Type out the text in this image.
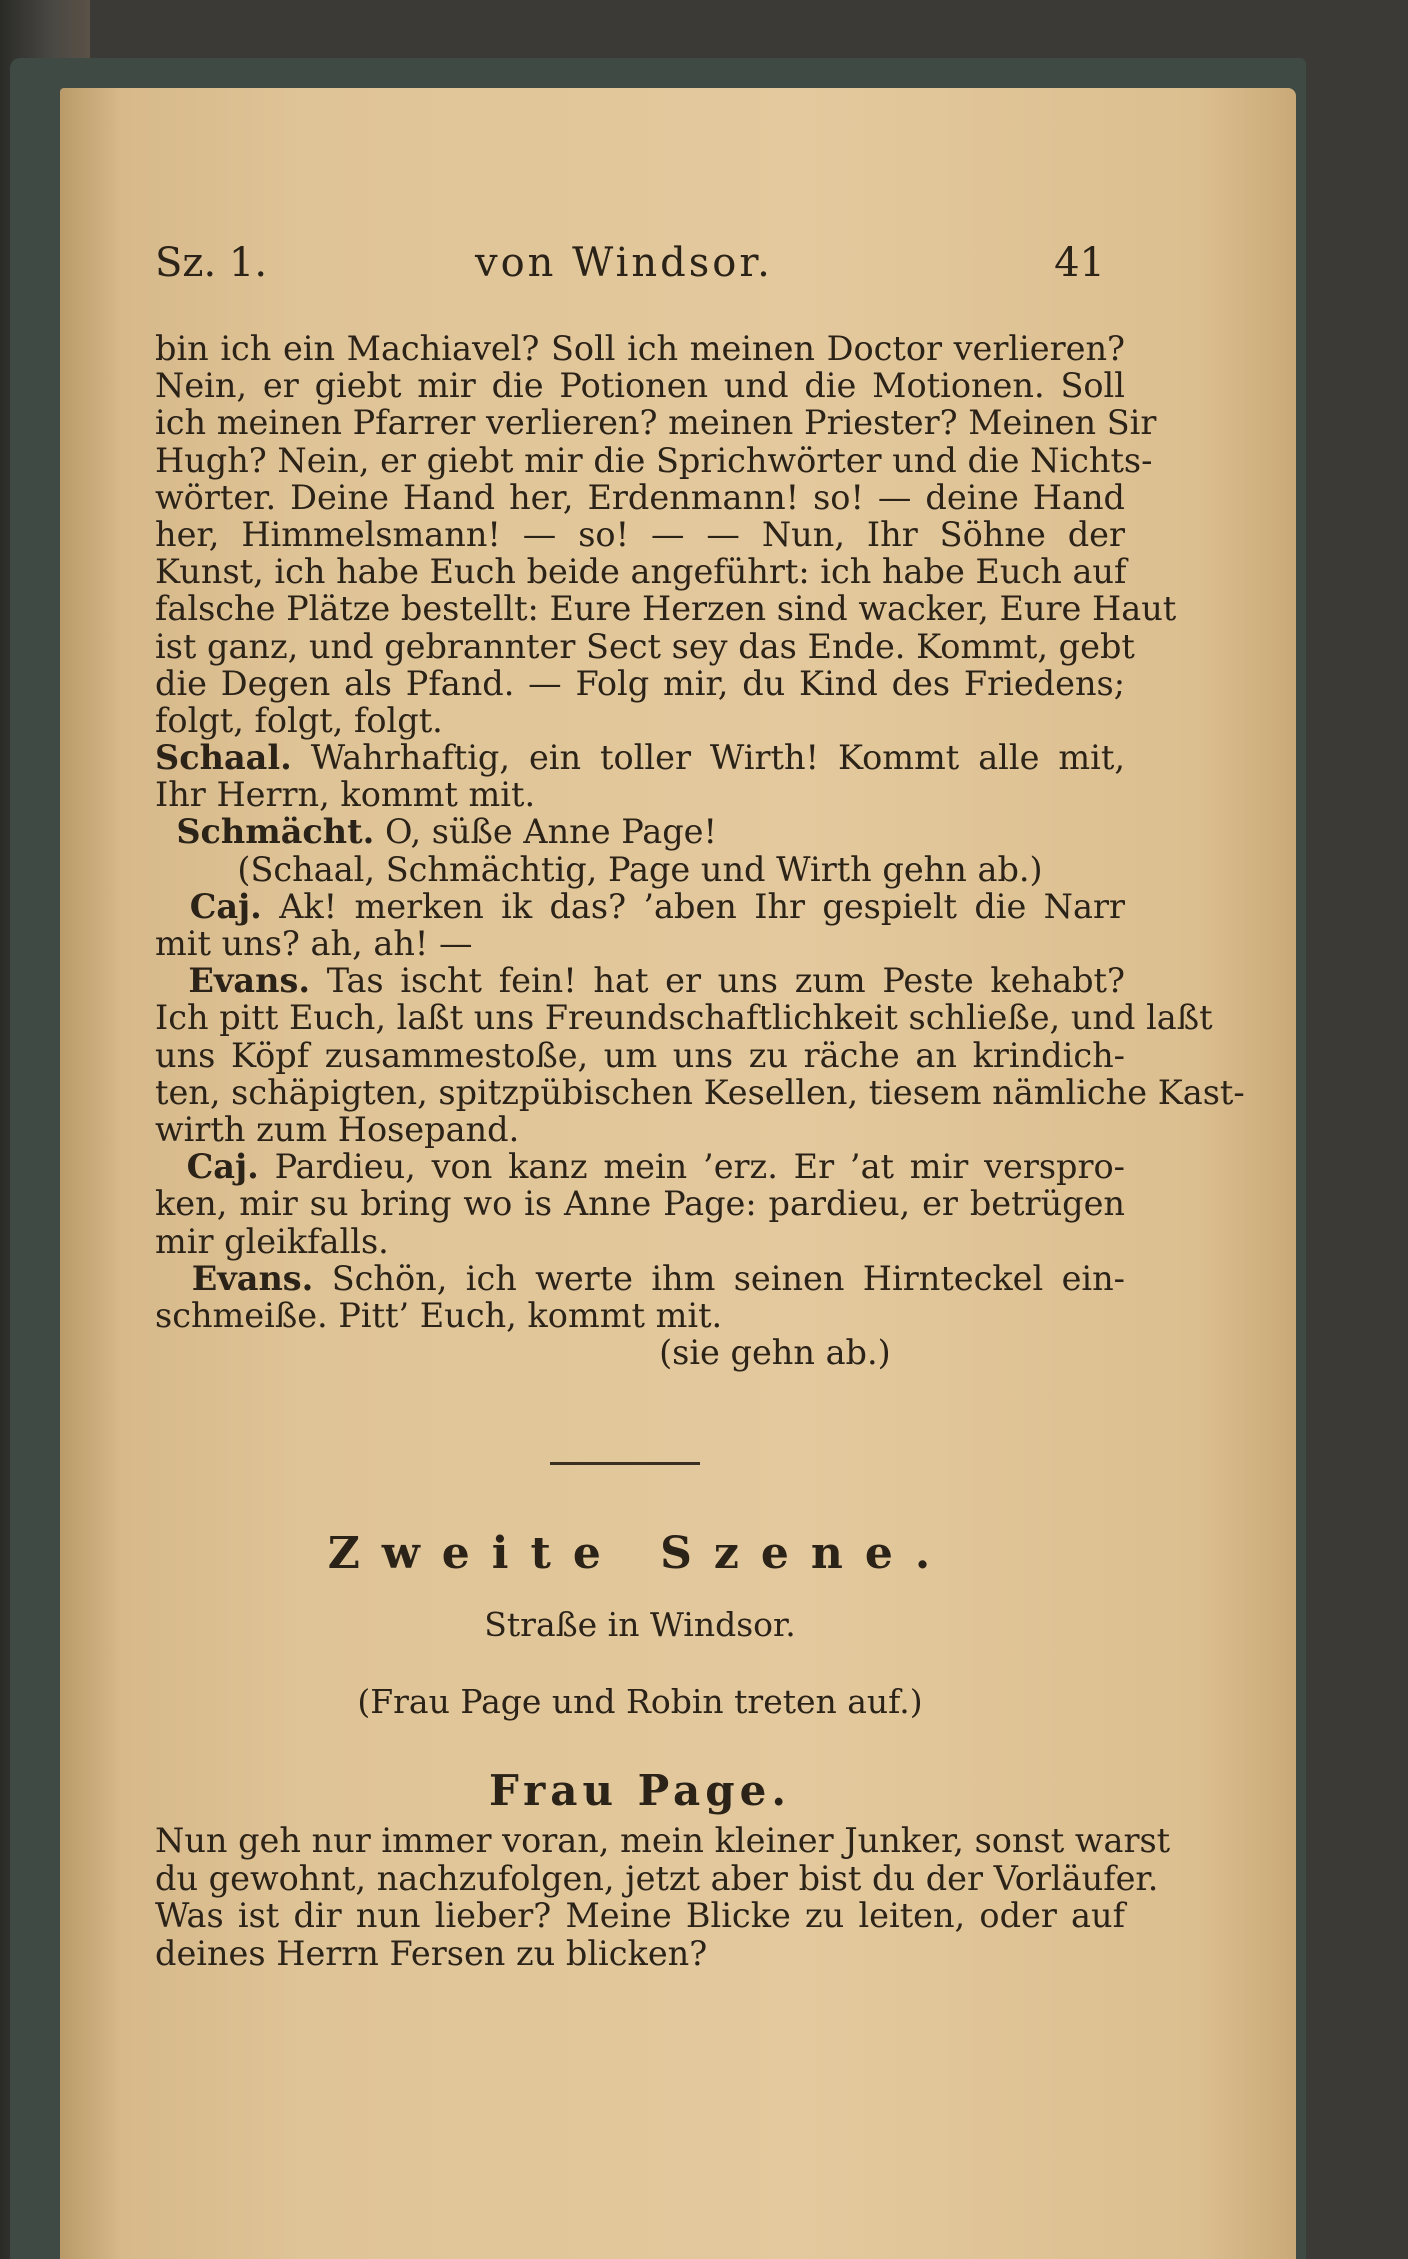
Sz. 1.	von Windsor.	41
bin ich ein Machiavel? Soll ich meinen Doctor verlieren?
Nein, er giebt mir die Potionen und die Motionen. Soll
ich meinen Pfarrer verlieren? meinen Priester? Meinen Sir
Hugh? Nein, er giebt mir die Sprichwörter und die Nichts-
wörter. Deine Hand her, Erdenmann! so! — deine Hand
her, Himmelsmann! — so! — — Nun, Ihr Söhne der
Kunst, ich habe Euch beide angeführt: ich habe Euch auf
falsche Plätze bestellt: Eure Herzen sind wacker, Eure Haut
ist ganz, und gebrannter Sect sey das Ende. Kommt, gebt
die Degen als Pfand. — Folg mir, du Kind des Friedens;
folgt, folgt, folgt.
Schaal. Wahrhaftig, ein toller Wirth! Kommt alle mit,
Ihr Herrn, kommt mit.
Schmächt. O, süße Anne Page!
(Schaal, Schmächtig, Page und Wirth gehn ab.)
Caj. Ak! merken ik das? ’aben Ihr gespielt die Narr
mit uns? ah, ah! —
Evans. Tas ischt fein! hat er uns zum Peste kehabt?
Ich pitt Euch, laßt uns Freundschaftlichkeit schließe, und laßt
uns Köpf zusammestoße, um uns zu räche an krindich-
ten, schäpigten, spitzpübischen Kesellen, tiesem nämliche Kast-
wirth zum Hosepand.
Caj. Pardieu, von kanz mein ’erz. Er ’at mir versprо-
ken, mir su bring wo is Anne Page: pardieu, er betrügen
mir gleikfalls.
Evans. Schön, ich werte ihm seinen Hirnteckel ein-
schmeiße. Pitt’ Euch, kommt mit.
(sie gehn ab.)
Zweite Szene.
Straße in Windsor.
(Frau Page und Robin treten auf.)
Frau Page.
Nun geh nur immer voran, mein kleiner Junker, sonst warst
du gewohnt, nachzufolgen, jetzt aber bist du der Vorläufer.
Was ist dir nun lieber? Meine Blicke zu leiten, oder auf
deines Herrn Fersen zu blicken?
